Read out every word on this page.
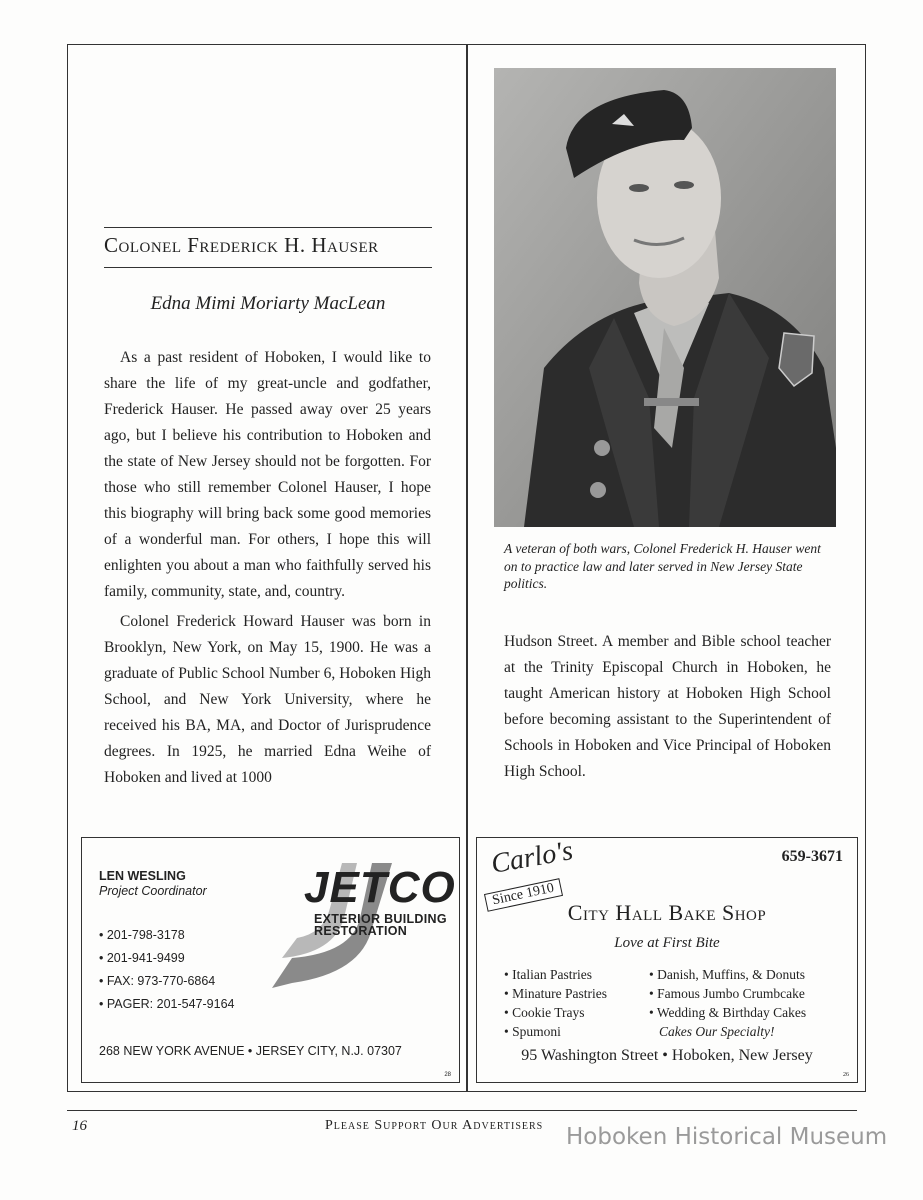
Colonel Frederick H. Hauser
Edna Mimi Moriarty MacLean

As a past resident of Hoboken, I would like to share the life of my great-uncle and godfather, Frederick Hauser. He passed away over 25 years ago, but I believe his contribution to Hoboken and the state of New Jersey should not be forgotten. For those who still remember Colonel Hauser, I hope this biography will bring back some good memories of a wonderful man. For others, I hope this will enlighten you about a man who faithfully served his family, community, state, and, country.

Colonel Frederick Howard Hauser was born in Brooklyn, New York, on May 15, 1900. He was a graduate of Public School Number 6, Hoboken High School, and New York University, where he received his BA, MA, and Doctor of Jurisprudence degrees. In 1925, he married Edna Weihe of Hoboken and lived at 1000

A veteran of both wars, Colonel Frederick H. Hauser went on to practice law and later served in New Jersey State politics.
Hudson Street. A member and Bible school teacher at the Trinity Episcopal Church in Hoboken, he taught American history at Hoboken High School before becoming assistant to the Superintendent of Schools in Hoboken and Vice Principal of Hoboken High School.
LEN WESLING
Project Coordinator JETCO
EXTERIOR BUILDING
RESTORATION
• 201-798-3178
• 201-941-9499
• FAX: 973-770-6864
• PAGER: 201-547-9164
268 NEW YORK AVENUE • JERSEY CITY, N.J. 07307
28
Carlo's
Since 1910
659-3671
City Hall Bake Shop
Love at First Bite
• Italian Pastries
• Minature Pastries
• Cookie Trays
• Spumoni
• Danish, Muffins, & Donuts
• Famous Jumbo Crumbcake
• Wedding & Birthday Cakes
Cakes Our Specialty!
95 Washington Street • Hoboken, New Jersey
26
16	Please Support Our Advertisers Hoboken Historical Museum
